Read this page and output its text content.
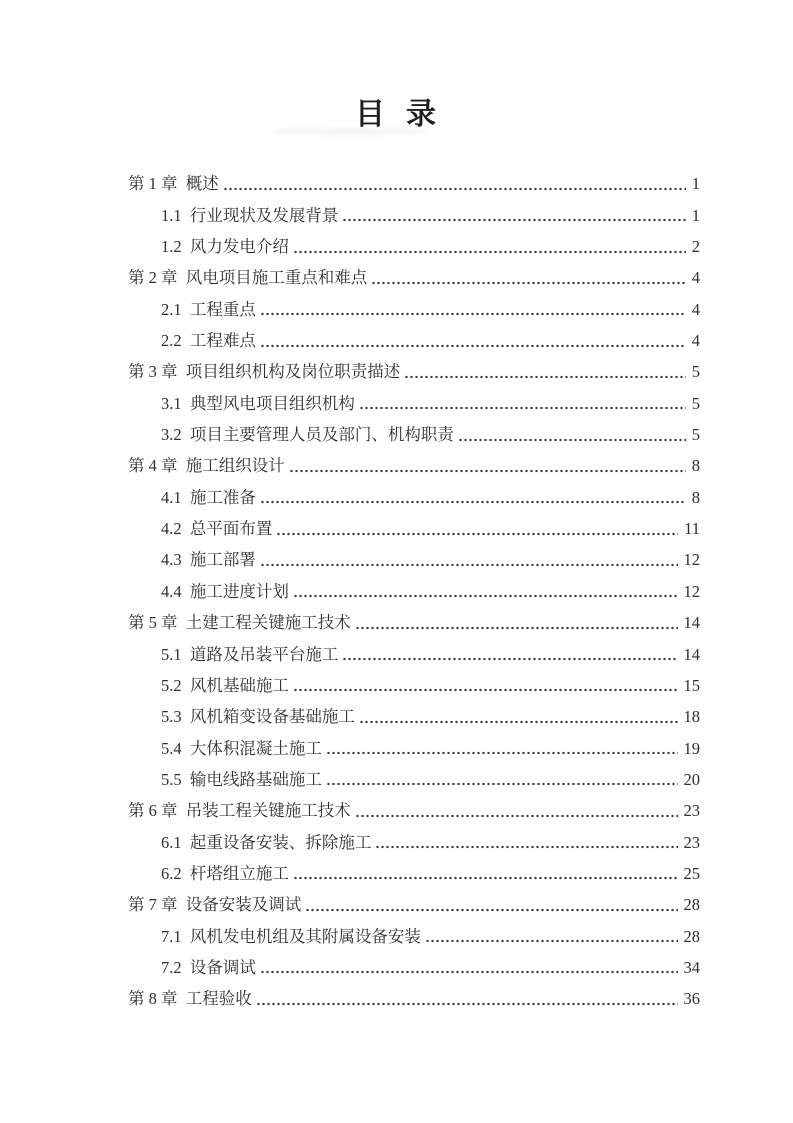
目  录
第 1 章  概述	1
1.1  行业现状及发展背景	1
1.2  风力发电介绍	2
第 2 章  风电项目施工重点和难点	4
2.1  工程重点	4
2.2  工程难点	4
第 3 章  项目组织机构及岗位职责描述	5
3.1  典型风电项目组织机构	5
3.2  项目主要管理人员及部门、机构职责	5
第 4 章  施工组织设计	8
4.1  施工准备	8
4.2  总平面布置	11
4.3  施工部署	12
4.4  施工进度计划	12
第 5 章  土建工程关键施工技术	14
5.1  道路及吊装平台施工	14
5.2  风机基础施工	15
5.3  风机箱变设备基础施工	18
5.4  大体积混凝土施工	19
5.5  输电线路基础施工	20
第 6 章  吊装工程关键施工技术	23
6.1  起重设备安装、拆除施工	23
6.2  杆塔组立施工	25
第 7 章  设备安装及调试	28
7.1  风机发电机组及其附属设备安装	28
7.2  设备调试	34
第 8 章  工程验收	36
